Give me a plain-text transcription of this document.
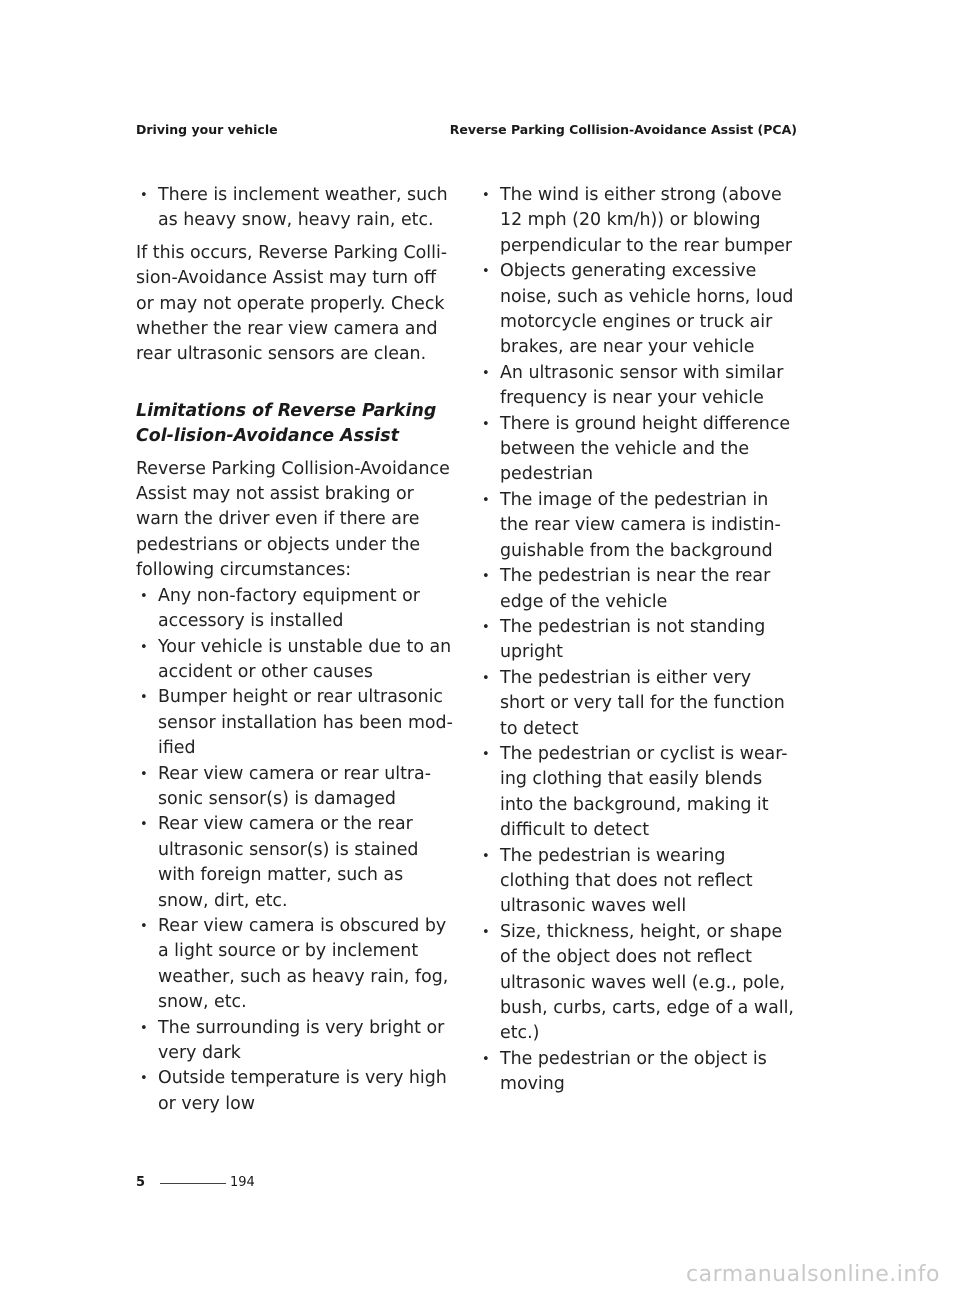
Driving your vehicle	Reverse Parking Collision-Avoidance Assist (PCA)
• There is inclement weather, such as heavy snow, heavy rain, etc.

If this occurs, Reverse Parking Colli-sion-Avoidance Assist may turn off or may not operate properly. Check whether the rear view camera and rear ultrasonic sensors are clean.

Limitations of Reverse Parking Col-lision-Avoidance Assist

Reverse Parking Collision-Avoidance Assist may not assist braking or warn the driver even if there are pedestrians or objects under the following circumstances:

• Any non-factory equipment or accessory is installed
• Your vehicle is unstable due to an accident or other causes
• Bumper height or rear ultrasonic sensor installation has been mod-ified
• Rear view camera or rear ultra-sonic sensor(s) is damaged
• Rear view camera or the rear ultrasonic sensor(s) is stained with foreign matter, such as snow, dirt, etc.
• Rear view camera is obscured by a light source or by inclement weather, such as heavy rain, fog, snow, etc.
• The surrounding is very bright or very dark
• Outside temperature is very high or very low
• The wind is either strong (above 12 mph (20 km/h)) or blowing perpendicular to the rear bumper
• Objects generating excessive noise, such as vehicle horns, loud motorcycle engines or truck air brakes, are near your vehicle
• An ultrasonic sensor with similar frequency is near your vehicle
• There is ground height difference between the vehicle and the pedestrian
• The image of the pedestrian in the rear view camera is indistin-guishable from the background
• The pedestrian is near the rear edge of the vehicle
• The pedestrian is not standing upright
• The pedestrian is either very short or very tall for the function to detect
• The pedestrian or cyclist is wear-ing clothing that easily blends into the background, making it difficult to detect
• The pedestrian is wearing clothing that does not reflect ultrasonic waves well
• Size, thickness, height, or shape of the object does not reflect ultrasonic waves well (e.g., pole, bush, curbs, carts, edge of a wall, etc.)
• The pedestrian or the object is moving
5	194
carmanualsonline.info
